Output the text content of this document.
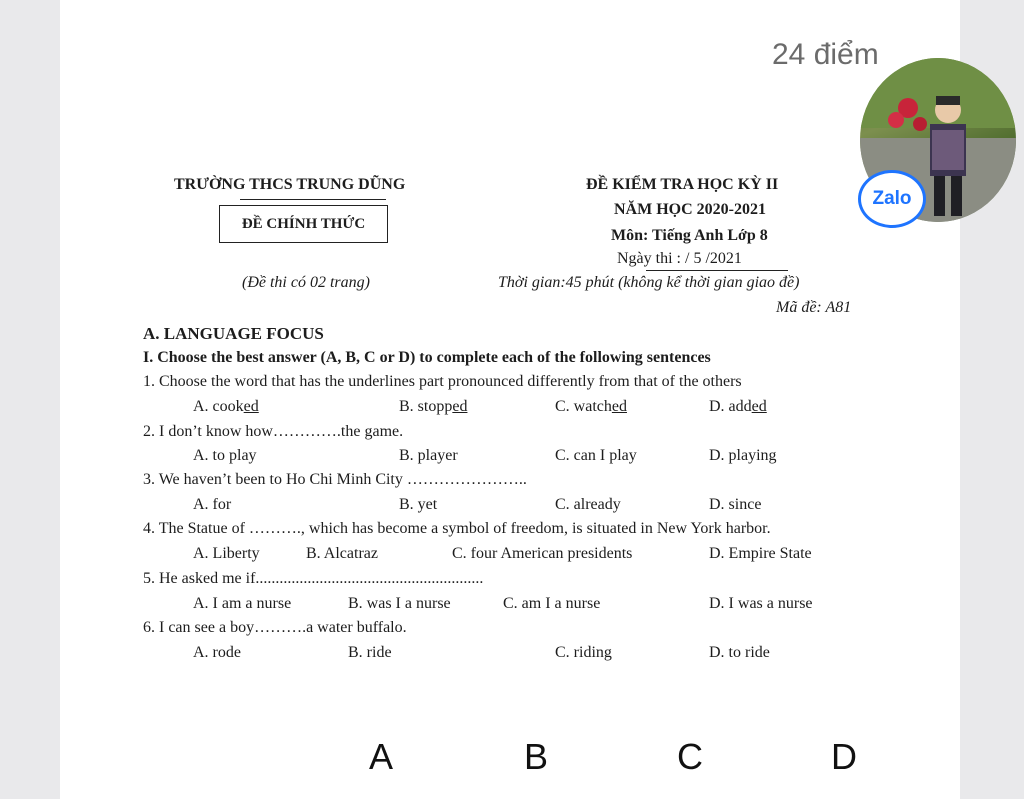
24 điểm
Zalo
TRƯỜNG THCS TRUNG DŨNG
ĐỀ CHÍNH THỨC
(Đề thi có 02 trang)
ĐỀ KIỂM TRA HỌC KỲ II
NĂM HỌC 2020-2021
Môn: Tiếng Anh Lớp 8
Ngày thi : / 5 /2021
Thời gian:45 phút (không kể thời gian giao đề)
Mã đề: A81
A. LANGUAGE FOCUS
I. Choose the best answer (A, B, C or D) to complete each of the following sentences
1. Choose the word that has the underlines part pronounced differently from that of the others
A. cooked	B. stopped	C. watched	D. added
2. I don’t know how………….the game.
A. to play	B. player	C. can I play	D. playing
3. We haven’t been to Ho Chi Minh City …………………..
A. for	B. yet	C. already	D. since
4. The Statue of ………., which has become a symbol of freedom, is situated in New York harbor.
A. Liberty	B. Alcatraz	C. four American presidents	D. Empire State
5. He asked me if.........................................................
A. I am a nurse	B. was I a nurse	C. am I a nurse	D. I was a nurse
6. I can see a boy……….a water buffalo.
A. rode	B. ride	C. riding	D. to ride
A	B	C	D
